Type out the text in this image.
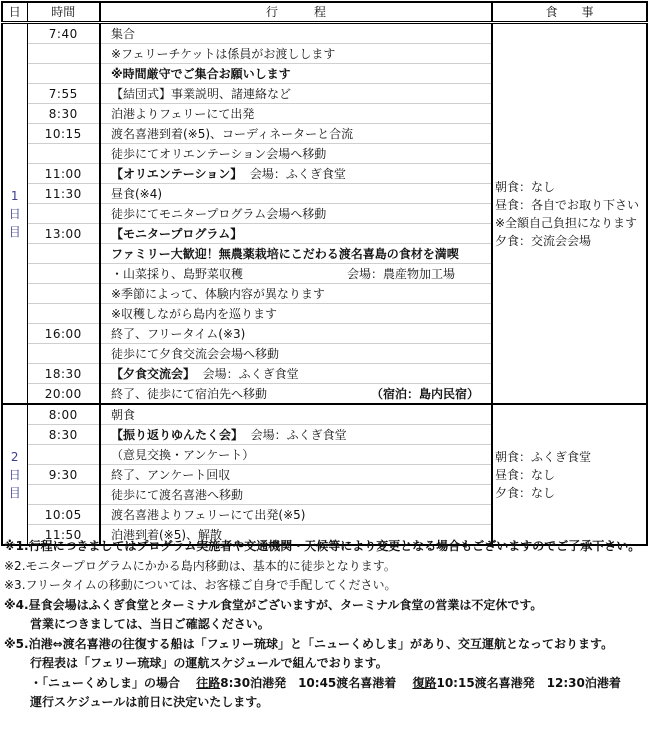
日	時間	行　　　程	食　　事

1
日
目
	7:40	集合	
朝食：なし
昼食：各自でお取り下さい
※全額自己負担になります
夕食：交流会会場

		※フェリーチケットは係員がお渡しします	
		※時間厳守でご集合お願いします	
	7:55	【結団式】事業説明、諸連絡など	
	8:30	泊港よりフェリーにて出発	
	10:15	渡名喜港到着(※5)、コーディネーターと合流	
		徒歩にてオリエンテーション会場へ移動	
	11:00	【オリエンテーション】 会場：ふくぎ食堂	
	11:30	昼食(※4)	
		徒歩にてモニタープログラム会場へ移動	
	13:00	【モニタープログラム】	
		ファミリー大歓迎！無農薬栽培にこだわる渡名喜島の食材を満喫	

		・山菜採り、島野菜収穫 会場：農産物加工場	

		※季節によって、体験内容が異なります	
		※収穫しながら島内を巡ります	
	16:00	終了、フリータイム(※3)	
		徒歩にて夕食交流会会場へ移動	
	18:30	【夕食交流会】 会場：ふくぎ食堂	
	20:00	終了、徒歩にて宿泊先へ移動 （宿泊：島内民宿）	

2
日
目
	8:00	朝食	
朝食：ふくぎ食堂
昼食：なし
夕食：なし

	8:30	【振り返りゆんたく会】 会場：ふくぎ食堂	
		（意見交換・アンケート）	
	9:30	終了、アンケート回収	
		徒歩にて渡名喜港へ移動	
	10:05	渡名喜港よりフェリーにて出発(※5)	
	11:50	泊港到着(※5)、解散	
※1.行程につきましてはプログラム実施者や交通機関・天候等により変更となる場合もございますのでご了承下さい。
※2.モニタープログラムにかかる島内移動は、基本的に徒歩となります。
※3.フリータイムの移動については、お客様ご自身で手配してください。
※4.昼食会場はふくぎ食堂とターミナル食堂がございますが、ターミナル食堂の営業は不定休です。
営業につきましては、当日ご確認ください。
※5.泊港⇔渡名喜港の往復する船は「フェリー琉球」と「ニューくめしま」があり、交互運航となっております。
行程表は「フェリー琉球」の運航スケジュールで組んでおります。
・「ニューくめしま」の場合 往路8:30泊港発　10:45渡名喜港着 復路10:15渡名喜港発　12:30泊港着
運行スケジュールは前日に決定いたします。
